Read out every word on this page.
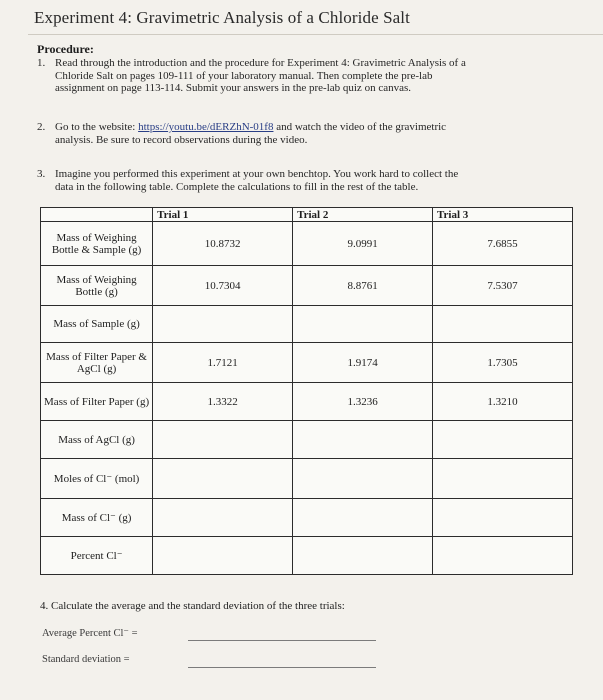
Experiment 4: Gravimetric Analysis of a Chloride Salt
Procedure:
1. Read through the introduction and the procedure for Experiment 4: Gravimetric Analysis of a
Chloride Salt on pages 109-111 of your laboratory manual. Then complete the pre-lab
assignment on page 113-114. Submit your answers in the pre-lab quiz on canvas.
2. Go to the website: https://youtu.be/dERZhN-01f8 and watch the video of the gravimetric
analysis. Be sure to record observations during the video.
3. Imagine you performed this experiment at your own benchtop. You work hard to collect the
data in the following table. Complete the calculations to fill in the rest of the table.
	Trial 1	Trial 2	Trial 3
Mass of Weighing Bottle & Sample (g)	10.8732	9.0991	7.6855
Mass of Weighing Bottle (g)	10.7304	8.8761	7.5307
Mass of Sample (g)			
Mass of Filter Paper & AgCl (g)	1.7121	1.9174	1.7305
Mass of Filter Paper (g)	1.3322	1.3236	1.3210
Mass of AgCl (g)			
Moles of Cl⁻ (mol)			
Mass of Cl⁻ (g)			
Percent Cl⁻			
4. Calculate the average and the standard deviation of the three trials:
Average Percent Cl⁻ =
Standard deviation =
